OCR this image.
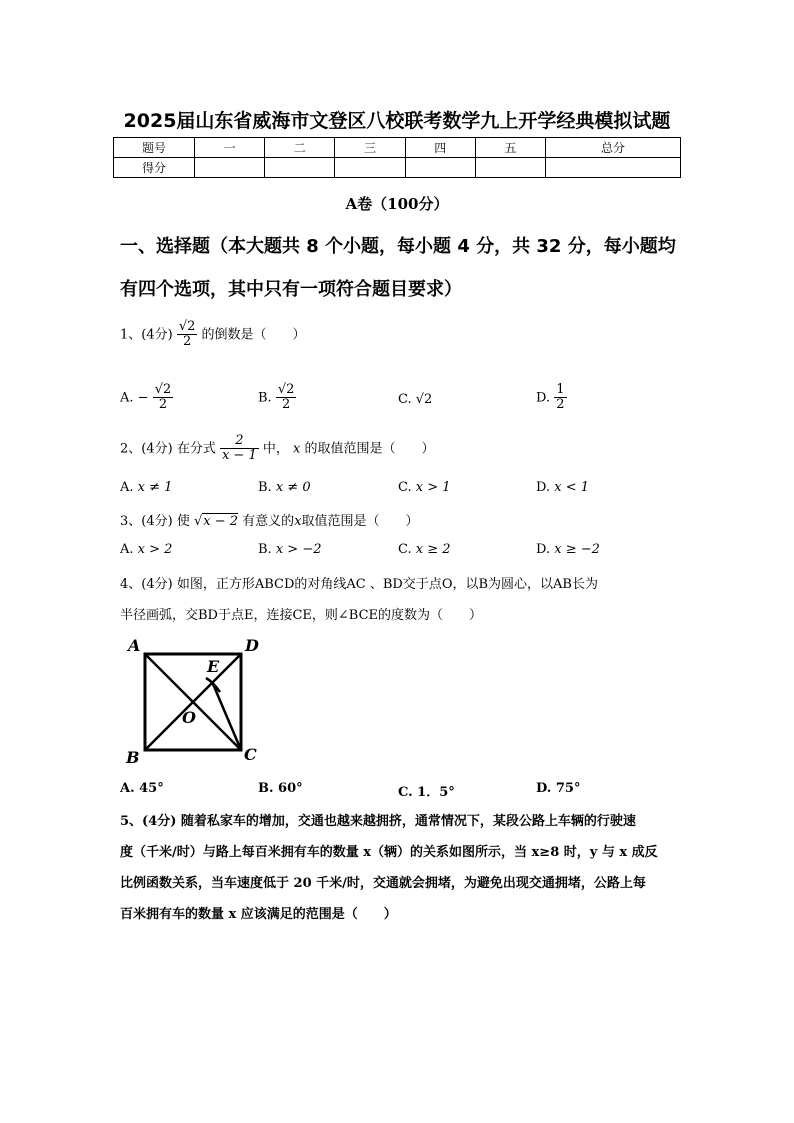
2025届山东省威海市文登区八校联考数学九上开学经典模拟试题
题号	一	二	三	四	五	总分
得分						
A卷（100分）
一、选择题（本大题共 8 个小题，每小题 4 分，共 32 分，每小题均
有四个选项，其中只有一项符合题目要求）
1、(4分) $\frac{√2}{2}$ 的倒数是（　　）
A. − $\frac{√2}{2}$	B. $\frac{√2}{2}$	C. √2	D. $\frac{1}{2}$
2、(4分) 在分式 $\frac{2}{x - 1}$ 中， x 的取值范围是（　　）
A. x ≠ 1	B. x ≠ 0	C. x > 1	D. x < 1
3、(4分) 使 √x − 2 有意义的x取值范围是（　　）
A. x > 2	B. x > −2	C. x ≥ 2	D. x ≥ −2
4、(4分) 如图，正方形ABCD的对角线AC 、BD交于点O，以B为圆心，以AB长为
半径画弧，交BD于点E，连接CE，则∠BCE的度数为（　　）
A	D
B	C
E
O
A. 45°	B. 60°	C. 1．5°	D. 75°
5、(4分) 随着私家车的增加，交通也越来越拥挤，通常情况下，某段公路上车辆的行驶速
度（千米/时）与路上每百米拥有车的数量 x（辆）的关系如图所示，当 x≥8 时，y 与 x 成反
比例函数关系，当车速度低于 20 千米/时，交通就会拥堵，为避免出现交通拥堵，公路上每
百米拥有车的数量 x 应该满足的范围是（　　）
